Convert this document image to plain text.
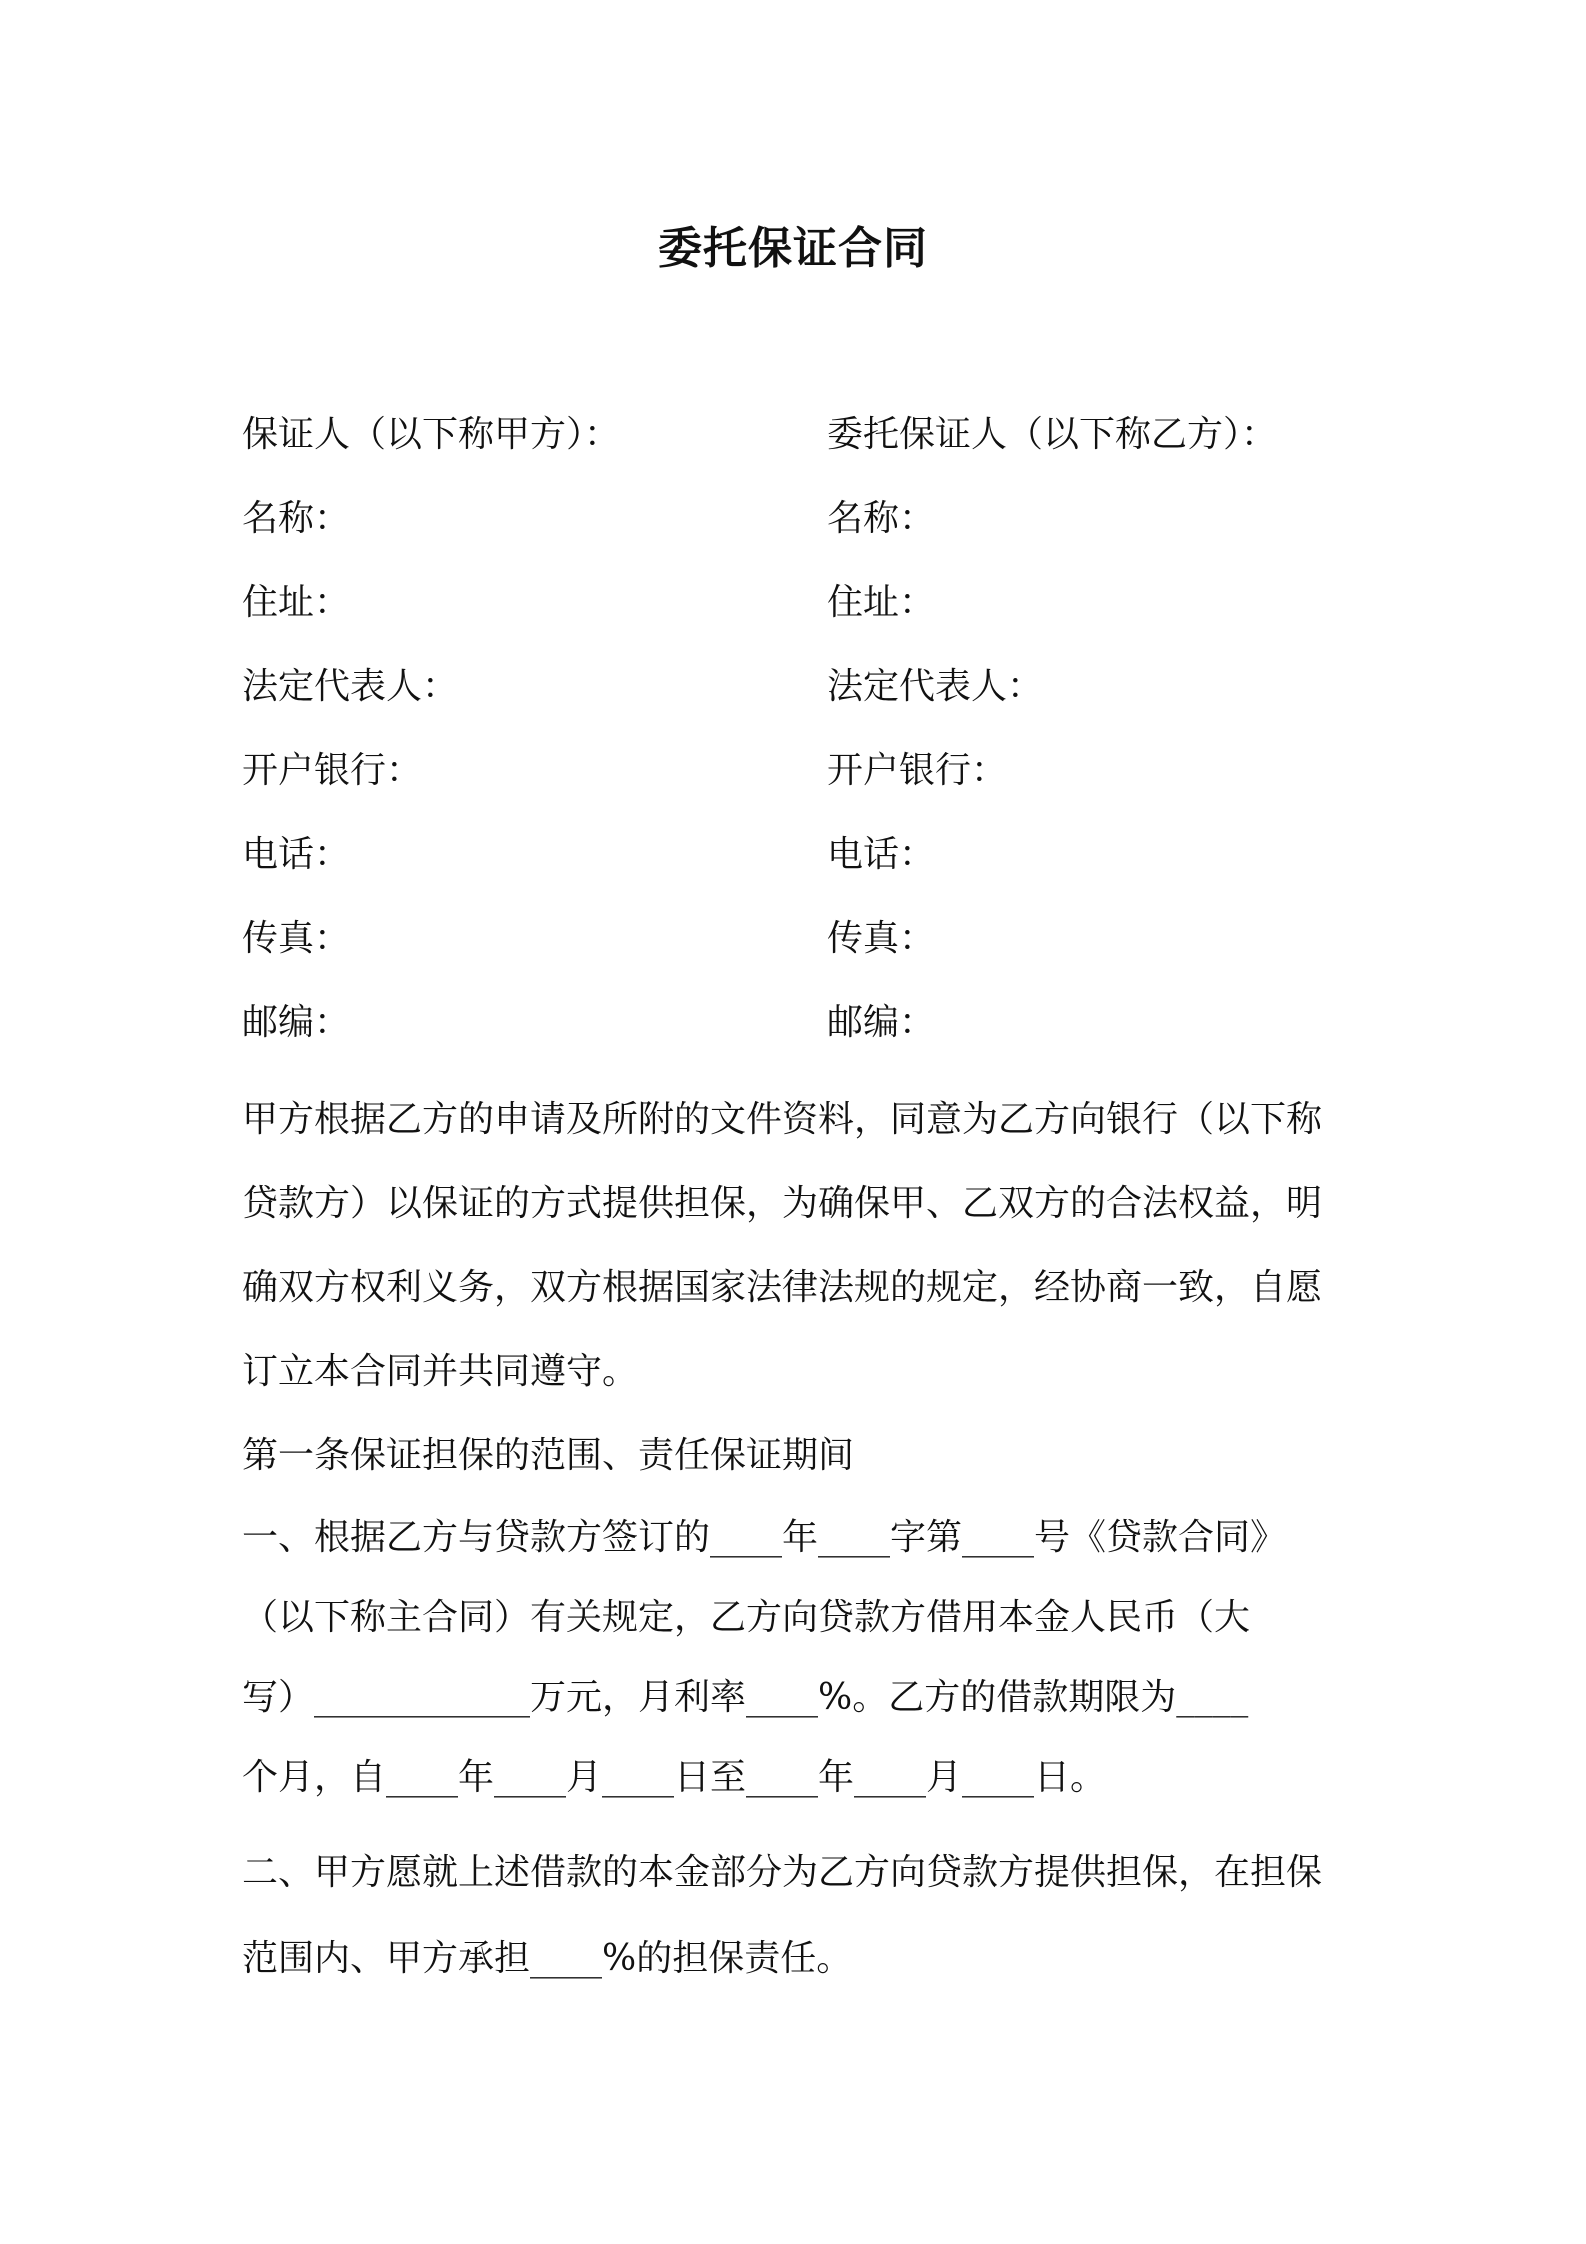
委托保证合同
保证人（以下称甲方）：	委托保证人（以下称乙方）：
名称：	名称：
住址：	住址：
法定代表人：	法定代表人：
开户银行：	开户银行：
电话：	电话：
传真：	传真：
邮编：	邮编：
甲方根据乙方的申请及所附的文件资料，同意为乙方向银行（以下称
贷款方）以保证的方式提供担保，为确保甲、乙双方的合法权益，明
确双方权利义务，双方根据国家法律法规的规定，经协商一致，自愿
订立本合同并共同遵守。
第一条保证担保的范围、责任保证期间
一、根据乙方与贷款方签订的____年____字第____号《贷款合同》
（以下称主合同）有关规定，乙方向贷款方借用本金人民币（大
写）____________万元，月利率____%。乙方的借款期限为____
个月，自____年____月____日至____年____月____日。
二、甲方愿就上述借款的本金部分为乙方向贷款方提供担保，在担保
范围内、甲方承担____%的担保责任。
